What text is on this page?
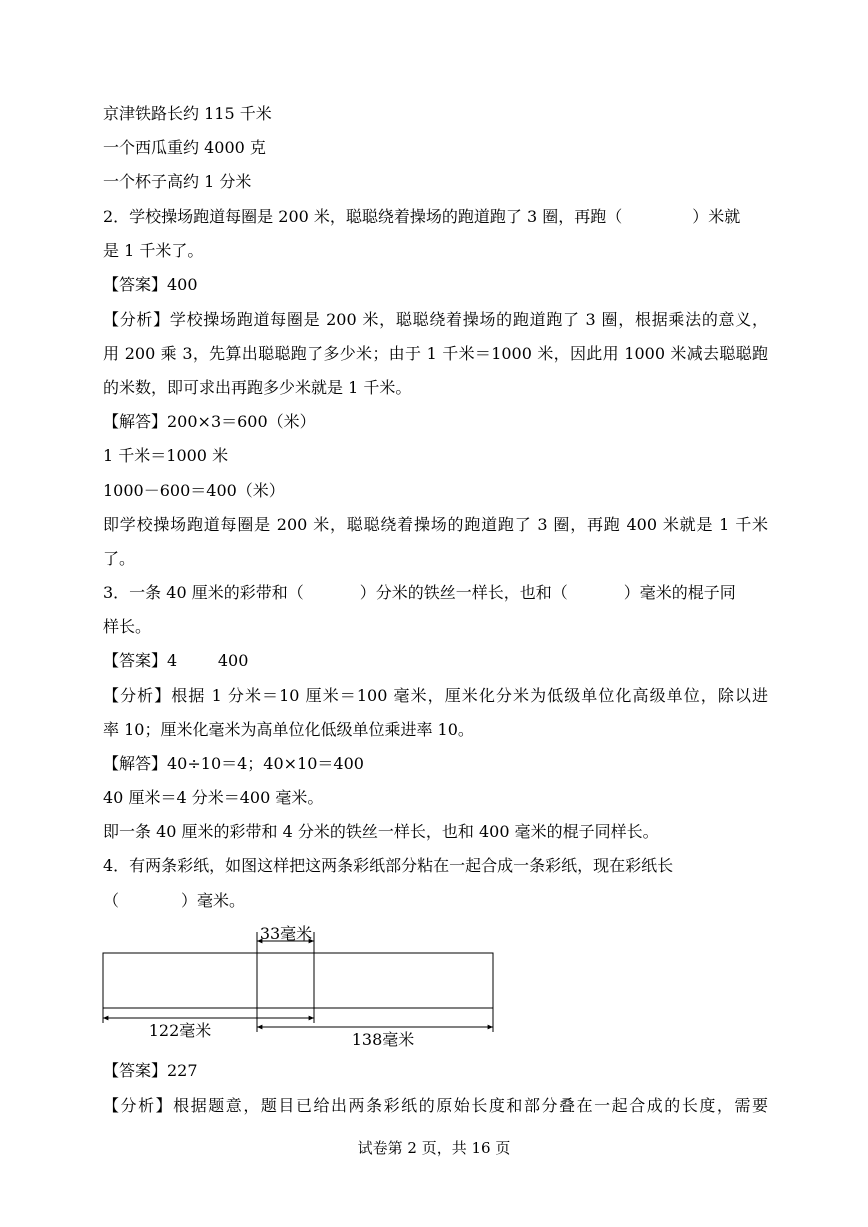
京津铁路长约 115 千米
一个西瓜重约 4000 克
一个杯子高约 1 分米
2．学校操场跑道每圈是 200 米，聪聪绕着操场的跑道跑了 3 圈，再跑（	）米就
是 1 千米了。
【答案】400
【分析】学校操场跑道每圈是 200 米，聪聪绕着操场的跑道跑了 3 圈，根据乘法的意义，
用 200 乘 3，先算出聪聪跑了多少米；由于 1 千米＝1000 米，因此用 1000 米减去聪聪跑
的米数，即可求出再跑多少米就是 1 千米。
【解答】200×3＝600（米）
1 千米＝1000 米
1000－600＝400（米）
即学校操场跑道每圈是 200 米，聪聪绕着操场的跑道跑了 3 圈，再跑 400 米就是 1 千米
了。
3．一条 40 厘米的彩带和（	）分米的铁丝一样长，也和（	）毫米的棍子同
样长。
【答案】4        400
【分析】根据 1 分米＝10 厘米＝100 毫米，厘米化分米为低级单位化高级单位，除以进
率 10；厘米化毫米为高单位化低级单位乘进率 10。
【解答】40÷10＝4；40×10＝400
40 厘米＝4 分米＝400 毫米。
即一条 40 厘米的彩带和 4 分米的铁丝一样长，也和 400 毫米的棍子同样长。
4．有两条彩纸，如图这样把这两条彩纸部分粘在一起合成一条彩纸，现在彩纸长
（	）毫米。
33毫米
122毫米	138毫米
【答案】227
【分析】根据题意，题目已给出两条彩纸的原始长度和部分叠在一起合成的长度，需要
试卷第 2 页，共 16 页
